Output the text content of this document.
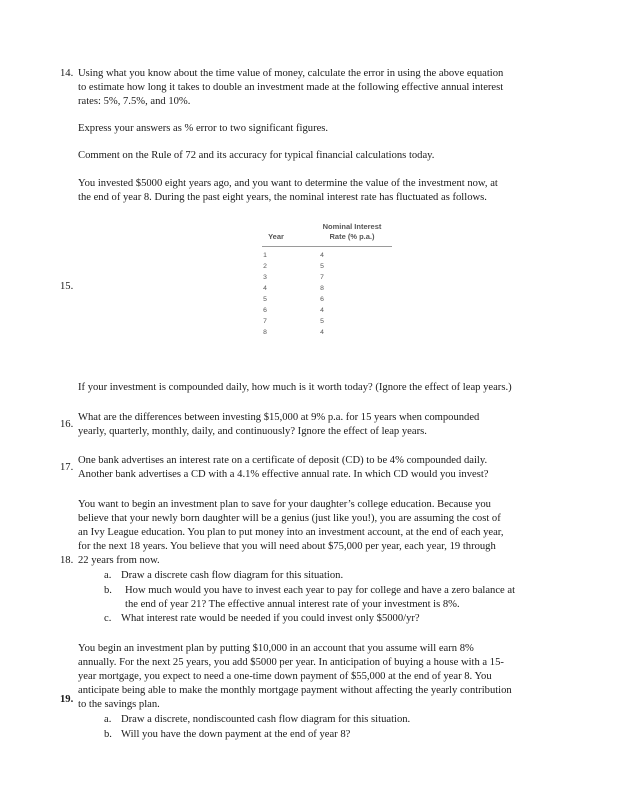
14. Using what you know about the time value of money, calculate the error in using the above equation
to estimate how long it takes to double an investment made at the following effective annual interest
rates: 5%, 7.5%, and 10%.
Express your answers as % error to two significant figures.
Comment on the Rule of 72 and its accuracy for typical financial calculations today.
You invested $5000 eight years ago, and you want to determine the value of the investment now, at
the end of year 8. During the past eight years, the nominal interest rate has fluctuated as follows.
15.
Year
Nominal Interest
Rate (% p.a.)
1	4
2	5
3	7
4	8
5	6
6	4
7	5
8	4
If your investment is compounded daily, how much is it worth today? (Ignore the effect of leap years.)
16.
What are the differences between investing $15,000 at 9% p.a. for 15 years when compounded
yearly, quarterly, monthly, daily, and continuously? Ignore the effect of leap years.
17.
One bank advertises an interest rate on a certificate of deposit (CD) to be 4% compounded daily.
Another bank advertises a CD with a 4.1% effective annual rate. In which CD would you invest?
You want to begin an investment plan to save for your daughter’s college education. Because you
believe that your newly born daughter will be a genius (just like you!), you are assuming the cost of
an Ivy League education. You plan to put money into an investment account, at the end of each year,
for the next 18 years. You believe that you will need about $75,000 per year, each year, 19 through
18. 22 years from now.
a. Draw a discrete cash flow diagram for this situation.
b. How much would you have to invest each year to pay for college and have a zero balance at
the end of year 21? The effective annual interest rate of your investment is 8%.
c. What interest rate would be needed if you could invest only $5000/yr?
You begin an investment plan by putting $10,000 in an account that you assume will earn 8%
annually. For the next 25 years, you add $5000 per year. In anticipation of buying a house with a 15-
year mortgage, you expect to need a one-time down payment of $55,000 at the end of year 8. You
anticipate being able to make the monthly mortgage payment without affecting the yearly contribution
19. to the savings plan.
a. Draw a discrete, nondiscounted cash flow diagram for this situation.
b. Will you have the down payment at the end of year 8?
